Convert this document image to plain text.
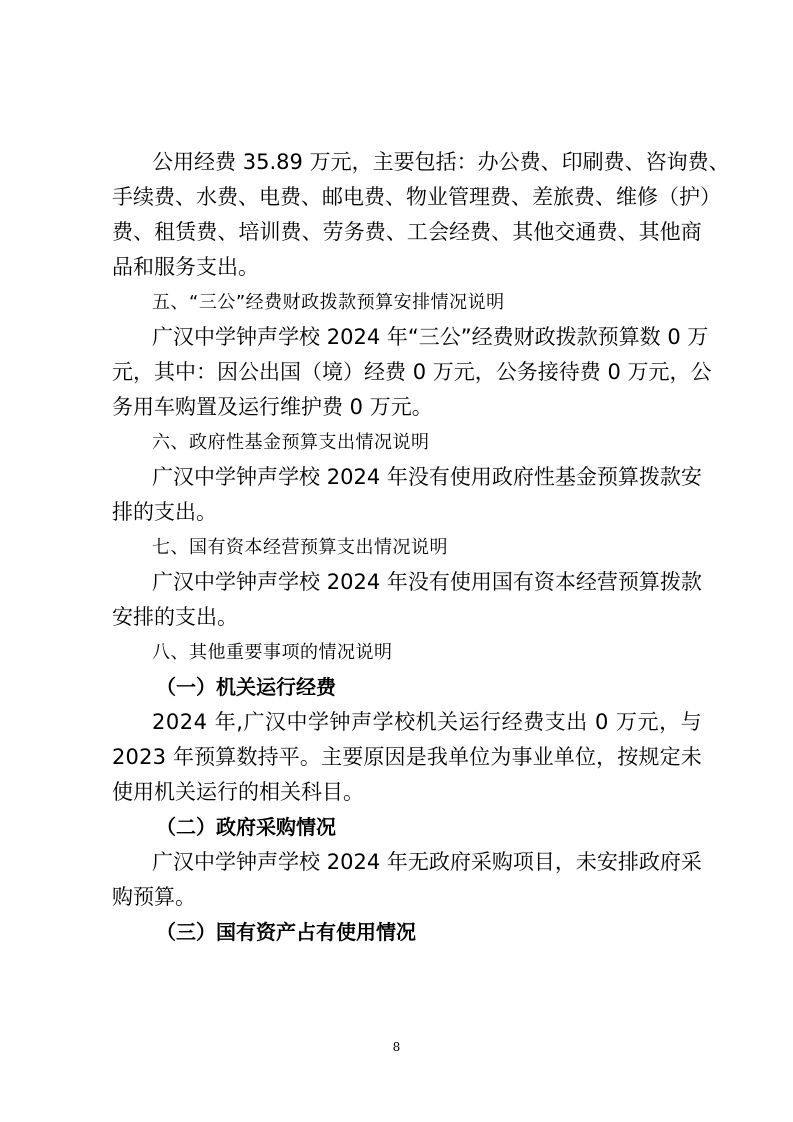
公 用 经 费
3 5 . 8 9
万 元 ， 主 要 包 括 ： 办 公 费 、 印 刷 费 、 咨 询 费 、
手 续 费 、 水 费 、 电 费 、 邮 电 费 、 物 业 管 理 费 、 差 旅 费 、 维 修 （ 护 ）
费 、 租 赁 费 、 培 训 费 、 劳 务 费 、 工 会 经 费 、 其 他 交 通 费 、 其 他 商
品和服务支出。
五、“三公”经费财政拨款预算安排情况说明
广 汉 中 学 钟 声 学 校
2 0 2 4
年 “ 三 公 ” 经 费 财 政 拨 款 预 算 数
0
万
元 ， 其 中 ： 因 公 出 国 （ 境 ） 经 费
0
万 元 ， 公 务 接 待 费
0
万 元 ， 公
务用车购置及运行维护费 0 万元。
六、政府性基金预算支出情况说明
广 汉 中 学 钟 声 学 校
2 0 2 4
年 没 有 使 用 政 府 性 基 金 预 算 拨 款 安
排的支出。
七、国有资本经营预算支出情况说明
广 汉 中 学 钟 声 学 校
2 0 2 4
年 没 有 使 用 国 有 资 本 经 营 预 算 拨 款
安排的支出。
八、其他重要事项的情况说明
（一）机关运行经费
2 0 2 4
年 , 广 汉 中 学 钟 声 学 校 机 关 运 行 经 费 支 出
0
万 元 ， 与
2 0 2 3
年 预 算 数 持 平 。 主 要 原 因 是 我 单 位 为 事 业 单 位 ， 按 规 定 未
使用机关运行的相关科目。
（二）政府采购情况
广 汉 中 学 钟 声 学 校
2 0 2 4
年 无 政 府 采 购 项 目 ， 未 安 排 政 府 采
购预算。
（三）国有资产占有使用情况
8
